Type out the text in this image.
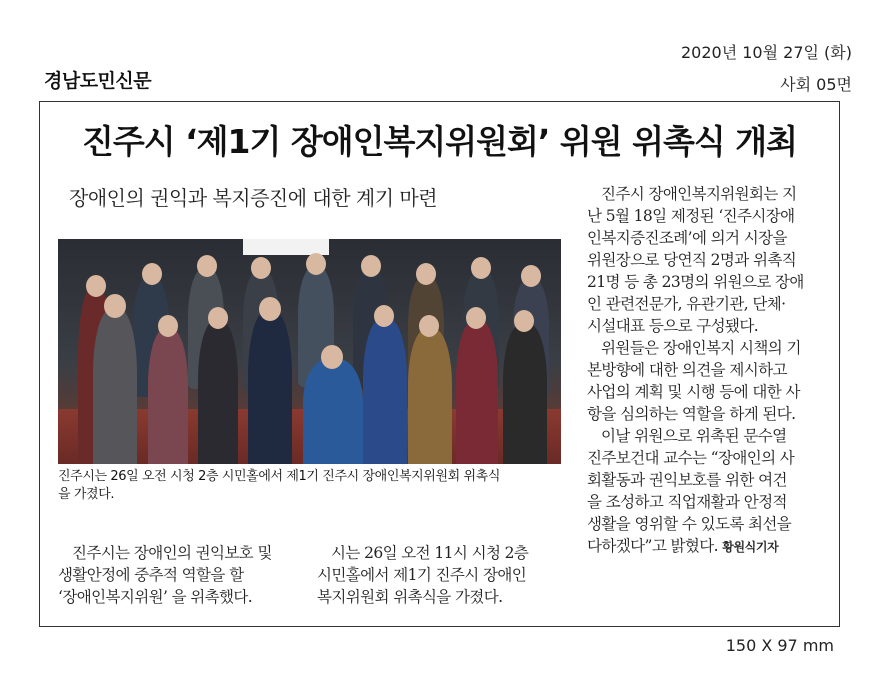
경남도민신문
2020년 10월 27일 (화)
사회 05면
진주시 ‘제1기 장애인복지위원회’ 위원 위촉식 개최
장애인의 권익과 복지증진에 대한 계기 마련
진주시는 26일 오전 시청 2층 시민홀에서 제1기 진주시 장애인복지위원회 위촉식
을 가졌다.
진주시는 장애인의 권익보호 및
생활안정에 중추적 역할을 할
‘장애인복지위원’ 을 위촉했다.
시는 26일 오전 11시 시청 2층
시민홀에서 제1기 진주시 장애인
복지위원회 위촉식을 가졌다.
진주시 장애인복지위원회는 지
난 5월 18일 제정된 ‘진주시장애
인복지증진조례’에 의거 시장을
위원장으로 당연직 2명과 위촉직
21명 등 총 23명의 위원으로 장애
인 관련전문가, 유관기관, 단체·
시설대표 등으로 구성됐다.
위원들은 장애인복지 시책의 기
본방향에 대한 의견을 제시하고
사업의 계획 및 시행 등에 대한 사
항을 심의하는 역할을 하게 된다.
이날 위원으로 위촉된 문수열
진주보건대 교수는 “장애인의 사
회활동과 권익보호를 위한 여건
을 조성하고 직업재활과 안정적
생활을 영위할 수 있도록 최선을
다하겠다”고 밝혔다. 황원식기자
150 X 97 mm
